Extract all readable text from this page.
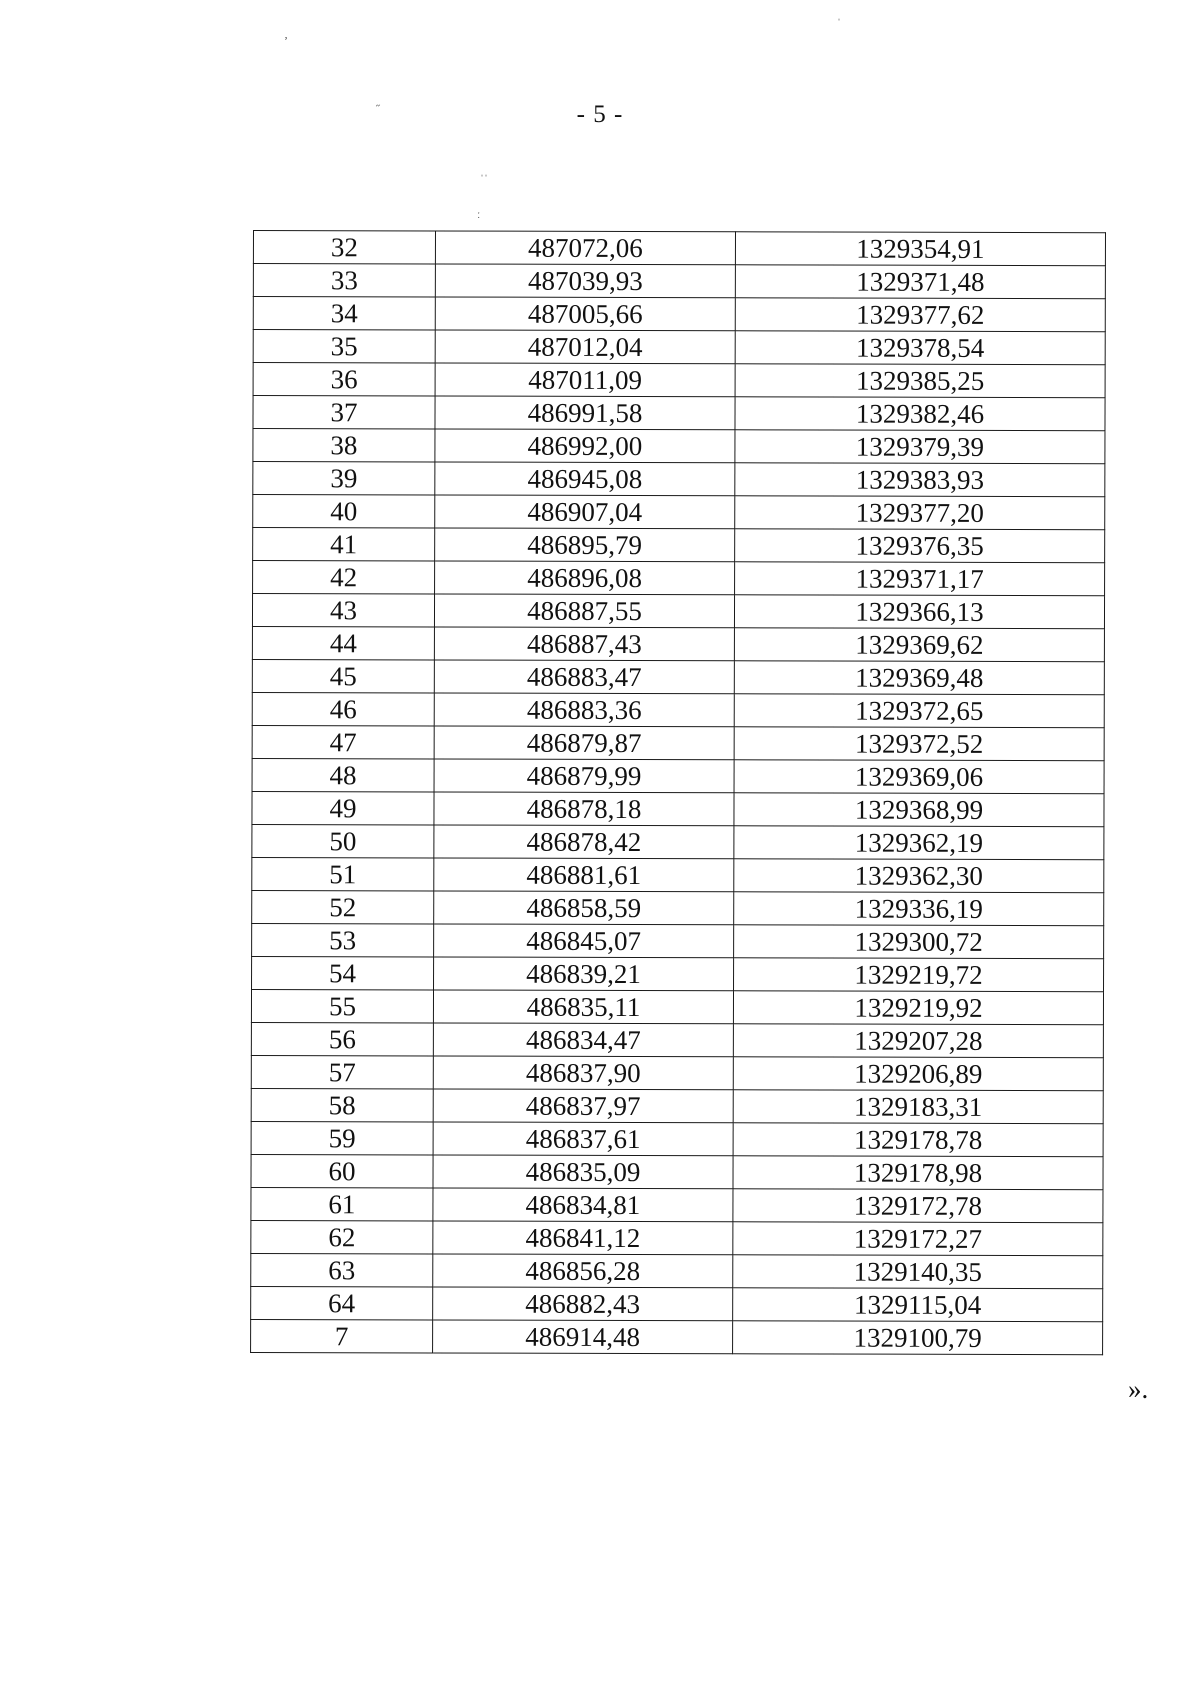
- 5 -
ʼ
ˈ
˝
ˈˈ
ː
32	487072,06	1329354,91
33	487039,93	1329371,48
34	487005,66	1329377,62
35	487012,04	1329378,54
36	487011,09	1329385,25
37	486991,58	1329382,46
38	486992,00	1329379,39
39	486945,08	1329383,93
40	486907,04	1329377,20
41	486895,79	1329376,35
42	486896,08	1329371,17
43	486887,55	1329366,13
44	486887,43	1329369,62
45	486883,47	1329369,48
46	486883,36	1329372,65
47	486879,87	1329372,52
48	486879,99	1329369,06
49	486878,18	1329368,99
50	486878,42	1329362,19
51	486881,61	1329362,30
52	486858,59	1329336,19
53	486845,07	1329300,72
54	486839,21	1329219,72
55	486835,11	1329219,92
56	486834,47	1329207,28
57	486837,90	1329206,89
58	486837,97	1329183,31
59	486837,61	1329178,78
60	486835,09	1329178,98
61	486834,81	1329172,78
62	486841,12	1329172,27
63	486856,28	1329140,35
64	486882,43	1329115,04
7	486914,48	1329100,79
».
